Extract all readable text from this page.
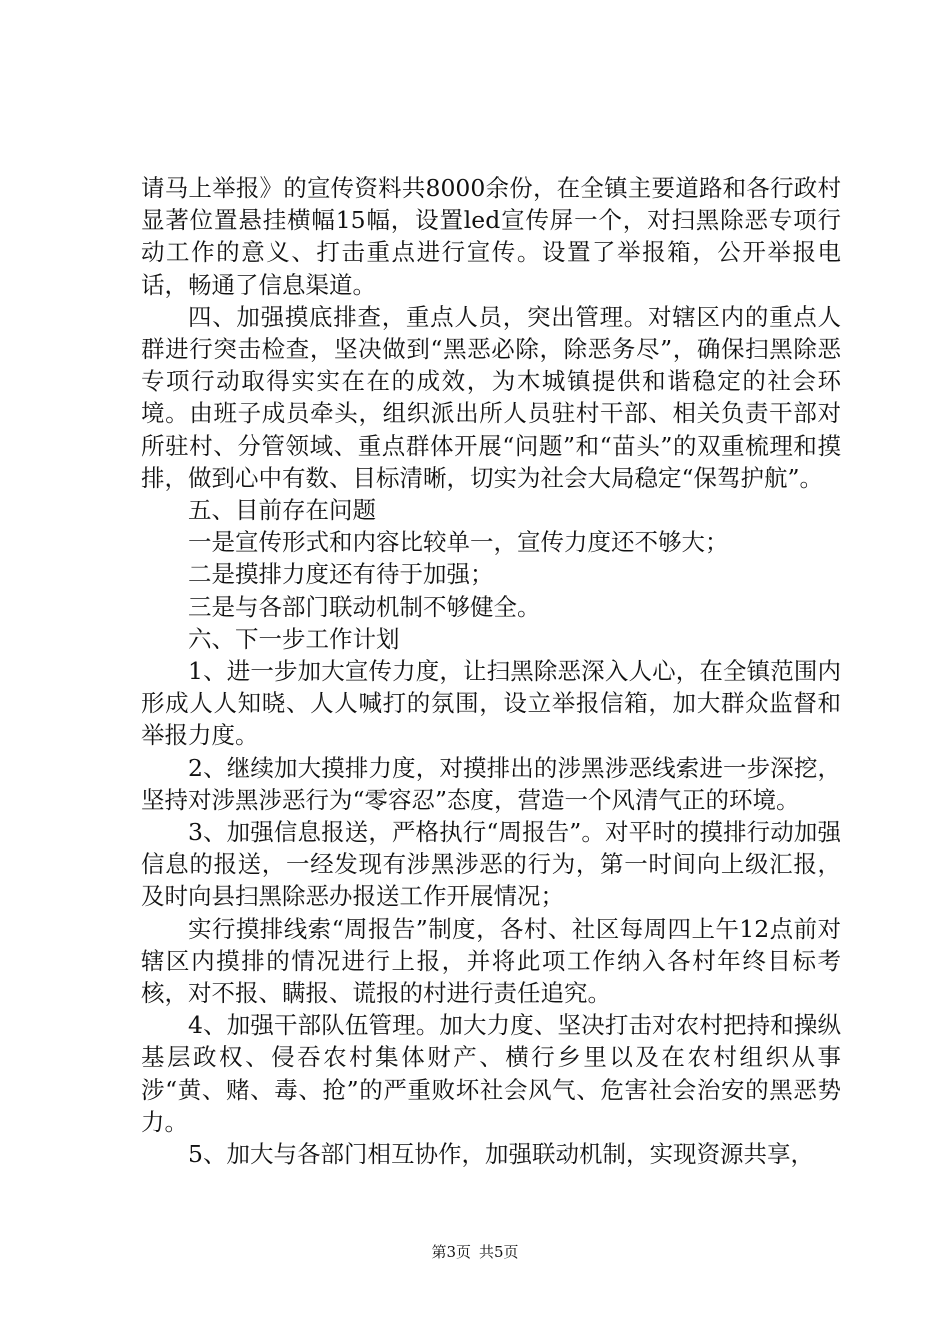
请马上举报》的宣传资料共8000余份，在全镇主要道路和各行政村显著位置悬挂横幅15幅，设置led宣传屏一个，对扫黑除恶专项行动工作的意义、打击重点进行宣传。设置了举报箱，公开举报电话，畅通了信息渠道。

四、加强摸底排查，重点人员，突出管理。对辖区内的重点人群进行突击检查，坚决做到“黑恶必除，除恶务尽”，确保扫黑除恶专项行动取得实实在在的成效，为木城镇提供和谐稳定的社会环境。由班子成员牵头，组织派出所人员驻村干部、相关负责干部对所驻村、分管领域、重点群体开展“问题”和“苗头”的双重梳理和摸排，做到心中有数、目标清晰，切实为社会大局稳定“保驾护航”。

五、目前存在问题

一是宣传形式和内容比较单一，宣传力度还不够大；

二是摸排力度还有待于加强；

三是与各部门联动机制不够健全。

六、下一步工作计划

1、进一步加大宣传力度，让扫黑除恶深入人心，在全镇范围内形成人人知晓、人人喊打的氛围，设立举报信箱，加大群众监督和举报力度。

2、继续加大摸排力度，对摸排出的涉黑涉恶线索进一步深挖，坚持对涉黑涉恶行为“零容忍”态度，营造一个风清气正的环境。

3、加强信息报送，严格执行“周报告”。对平时的摸排行动加强信息的报送，一经发现有涉黑涉恶的行为，第一时间向上级汇报，及时向县扫黑除恶办报送工作开展情况；

实行摸排线索“周报告”制度，各村、社区每周四上午12点前对辖区内摸排的情况进行上报，并将此项工作纳入各村年终目标考核，对不报、瞒报、谎报的村进行责任追究。

4、加强干部队伍管理。加大力度、坚决打击对农村把持和操纵基层政权、侵吞农村集体财产、横行乡里以及在农村组织从事涉“黄、赌、毒、抢”的严重败坏社会风气、危害社会治安的黑恶势力。

5、加大与各部门相互协作，加强联动机制，实现资源共享，

第3页 共5页
